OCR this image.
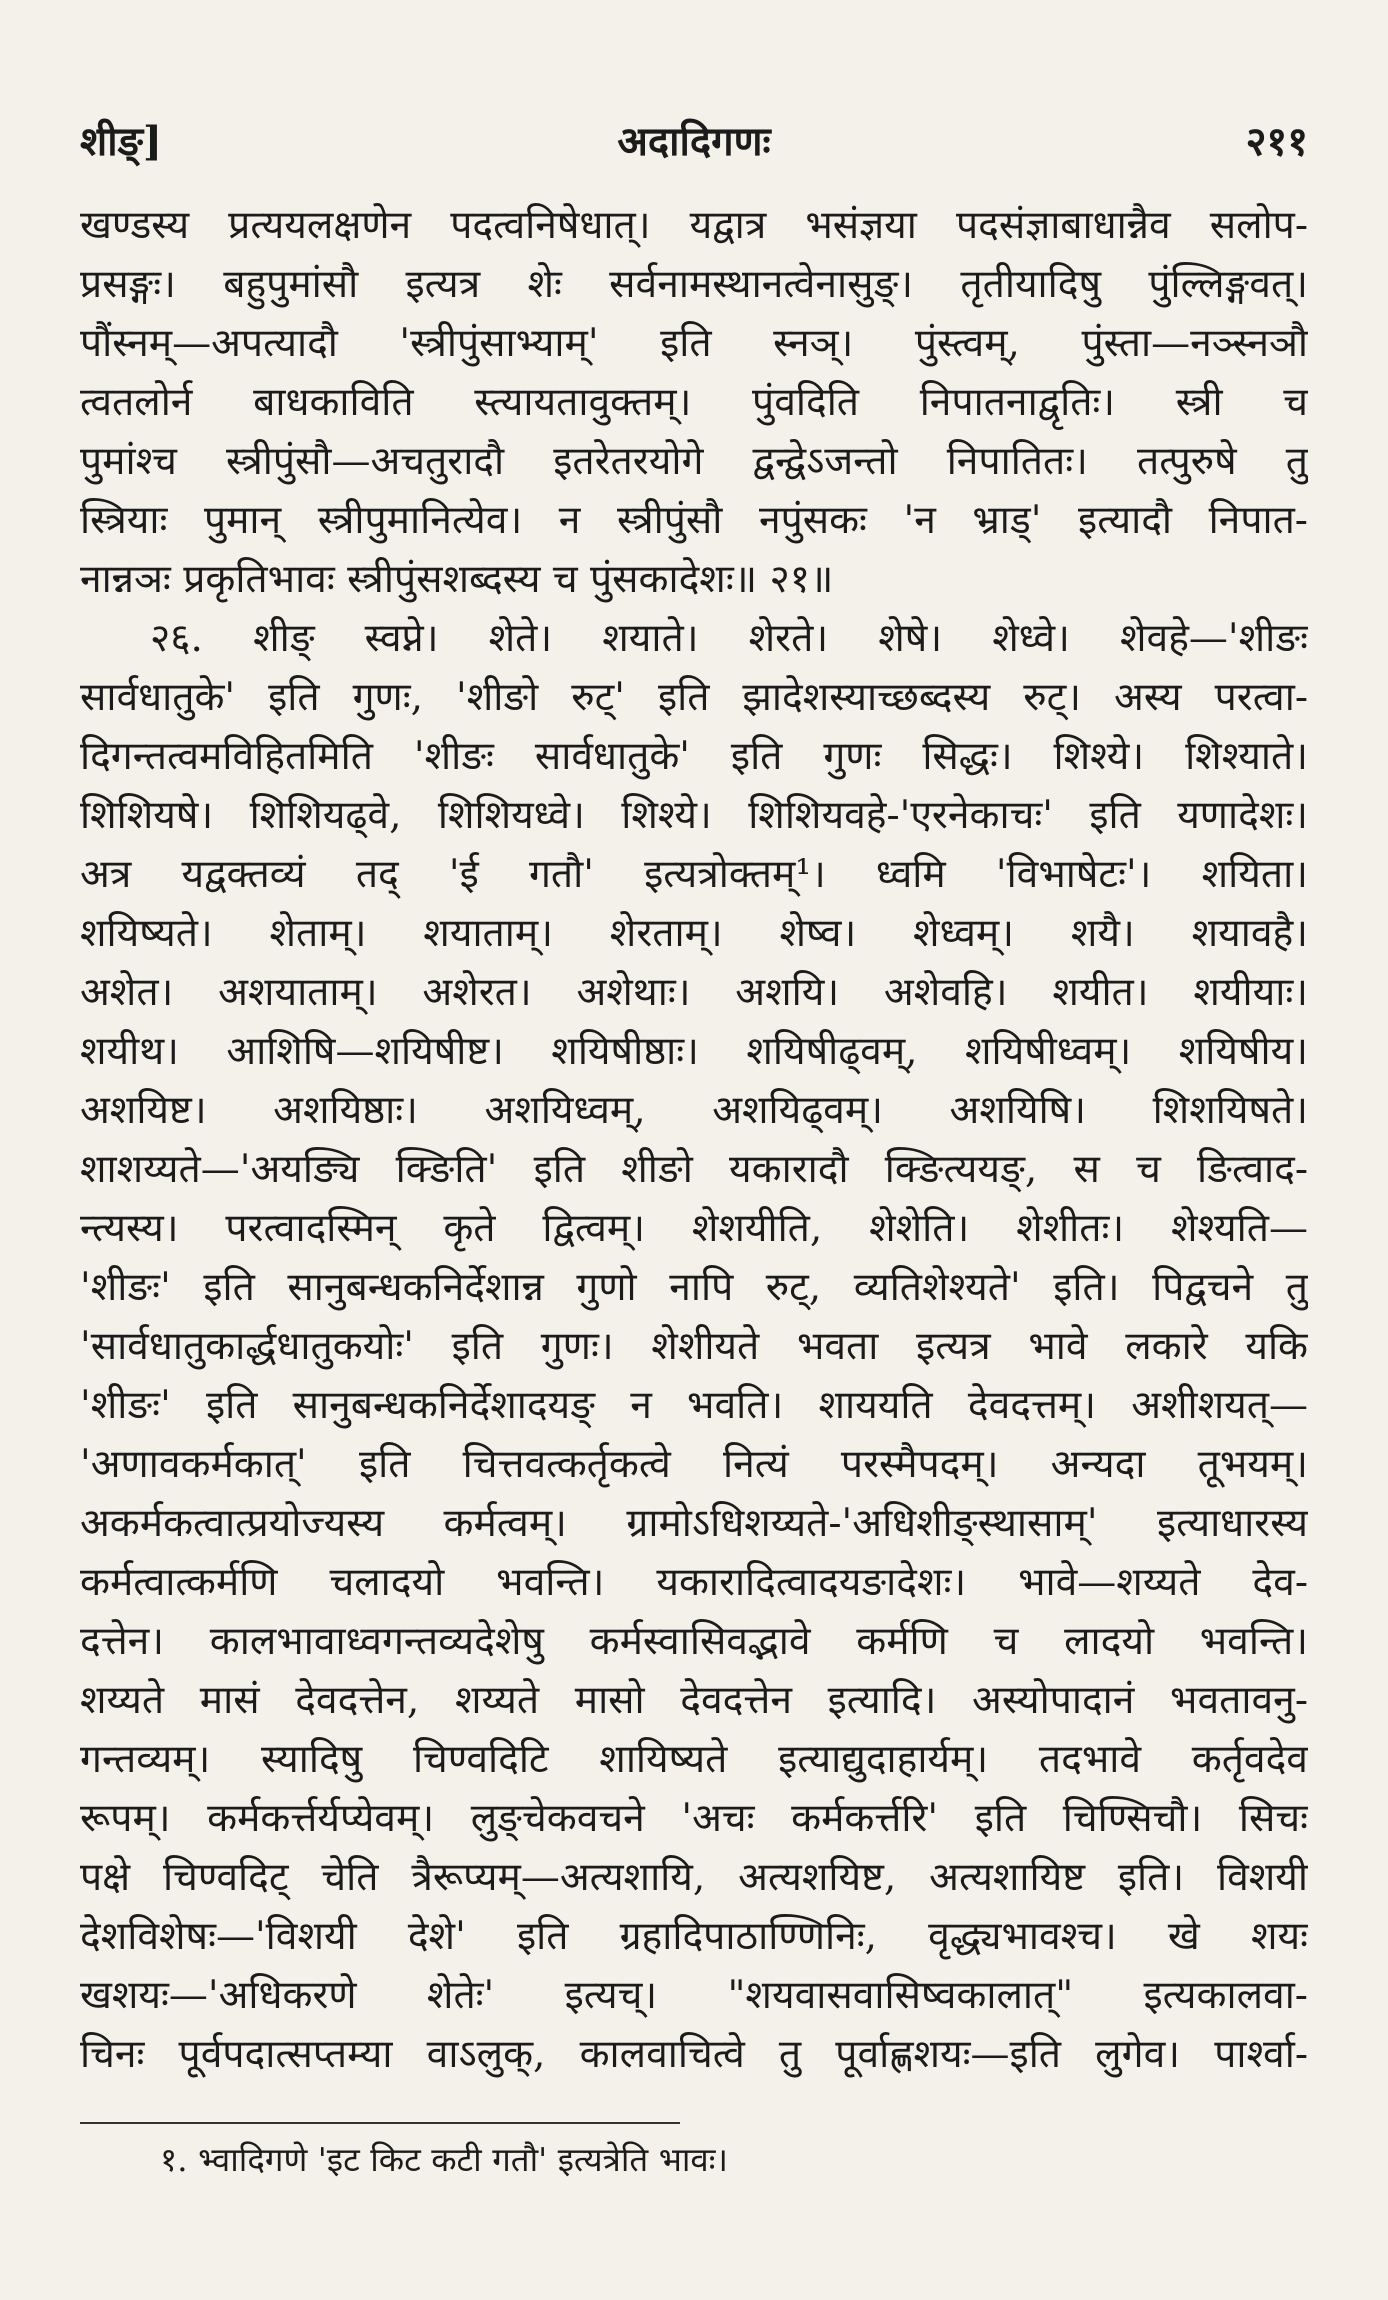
शीङ्]	अदादिगणः	२११
खण्डस्य प्रत्ययलक्षणेन पदत्वनिषेधात्। यद्वात्र भसंज्ञया पदसंज्ञाबाधान्नैव सलोप-
प्रसङ्गः। बहुपुमांसौ इत्यत्र शेः सर्वनामस्थानत्वेनासुङ्। तृतीयादिषु पुंल्लिङ्गवत्।
पौंस्नम्—अपत्यादौ 'स्त्रीपुंसाभ्याम्' इति स्नञ्। पुंस्त्वम्, पुंस्ता—नञ्स्नञौ
त्वतलोर्न बाधकाविति स्त्यायतावुक्तम्। पुंवदिति निपातनाद्वृतिः। स्त्री च
पुमांश्च स्त्रीपुंसौ—अचतुरादौ इतरेतरयोगे द्वन्द्वेऽजन्तो निपातितः। तत्पुरुषे तु
स्त्रियाः पुमान् स्त्रीपुमानित्येव। न स्त्रीपुंसौ नपुंसकः 'न भ्राड्' इत्यादौ निपात-
नान्नञः प्रकृतिभावः स्त्रीपुंसशब्दस्य च पुंसकादेशः॥ २१॥
२६. शीङ् स्वप्ने। शेते। शयाते। शेरते। शेषे। शेध्वे। शेवहे—'शीङः
सार्वधातुके' इति गुणः, 'शीङो रुट्' इति झादेशस्याच्छब्दस्य रुट्। अस्य परत्वा-
दिगन्तत्वमविहितमिति 'शीङः सार्वधातुके' इति गुणः सिद्धः। शिश्ये। शिश्याते।
शिशियषे। शिशियढ्वे, शिशियध्वे। शिश्ये। शिशियवहे-'एरनेकाचः' इति यणादेशः।
अत्र यद्वक्तव्यं तद् 'ई गतौ' इत्यत्रोक्तम्¹। ध्वमि 'विभाषेटः'। शयिता।
शयिष्यते। शेताम्। शयाताम्। शेरताम्। शेष्व। शेध्वम्। शयै। शयावहै।
अशेत। अशयाताम्। अशेरत। अशेथाः। अशयि। अशेवहि। शयीत। शयीयाः।
शयीथ। आशिषि—शयिषीष्ट। शयिषीष्ठाः। शयिषीढ्वम्, शयिषीध्वम्। शयिषीय।
अशयिष्ट। अशयिष्ठाः। अशयिध्वम्, अशयिढ्वम्। अशयिषि। शिशयिषते।
शाशय्यते—'अयङ्यि क्ङिति' इति शीङो यकारादौ क्ङित्ययङ्, स च ङित्वाद-
न्त्यस्य। परत्वादस्मिन् कृते द्वित्वम्। शेशयीति, शेशेति। शेशीतः। शेश्यति—
'शीङः' इति सानुबन्धकनिर्देशान्न गुणो नापि रुट्, व्यतिशेश्यते' इति। पिद्वचने तु
'सार्वधातुकार्द्धधातुकयोः' इति गुणः। शेशीयते भवता इत्यत्र भावे लकारे यकि
'शीङः' इति सानुबन्धकनिर्देशादयङ् न भवति। शाययति देवदत्तम्। अशीशयत्—
'अणावकर्मकात्' इति चित्तवत्कर्तृकत्वे नित्यं परस्मैपदम्। अन्यदा तूभयम्।
अकर्मकत्वात्प्रयोज्यस्य कर्मत्वम्। ग्रामोऽधिशय्यते-'अधिशीङ्स्थासाम्' इत्याधारस्य
कर्मत्वात्कर्मणि चलादयो भवन्ति। यकारादित्वादयङादेशः। भावे—शय्यते देव-
दत्तेन। कालभावाध्वगन्तव्यदेशेषु कर्मस्वासिवद्भावे कर्मणि च लादयो भवन्ति।
शय्यते मासं देवदत्तेन, शय्यते मासो देवदत्तेन इत्यादि। अस्योपादानं भवतावनु-
गन्तव्यम्। स्यादिषु चिण्वदिटि शायिष्यते इत्याद्युदाहार्यम्। तदभावे कर्तृवदेव
रूपम्। कर्मकर्त्तर्यप्येवम्। लुङ्चेकवचने 'अचः कर्मकर्त्तरि' इति चिण्सिचौ। सिचः
पक्षे चिण्वदिट् चेति त्रैरूप्यम्—अत्यशायि, अत्यशयिष्ट, अत्यशायिष्ट इति। विशयी
देशविशेषः—'विशयी देशे' इति ग्रहादिपाठाण्णिनिः, वृद्ध्यभावश्च। खे शयः
खशयः—'अधिकरणे शेतेः' इत्यच्। "शयवासवासिष्वकालात्" इत्यकालवा-
चिनः पूर्वपदात्सप्तम्या वाऽलुक्, कालवाचित्वे तु पूर्वाह्णशयः—इति लुगेव। पार्श्वा-
१. भ्वादिगणे 'इट किट कटी गतौ' इत्यत्रेति भावः।
